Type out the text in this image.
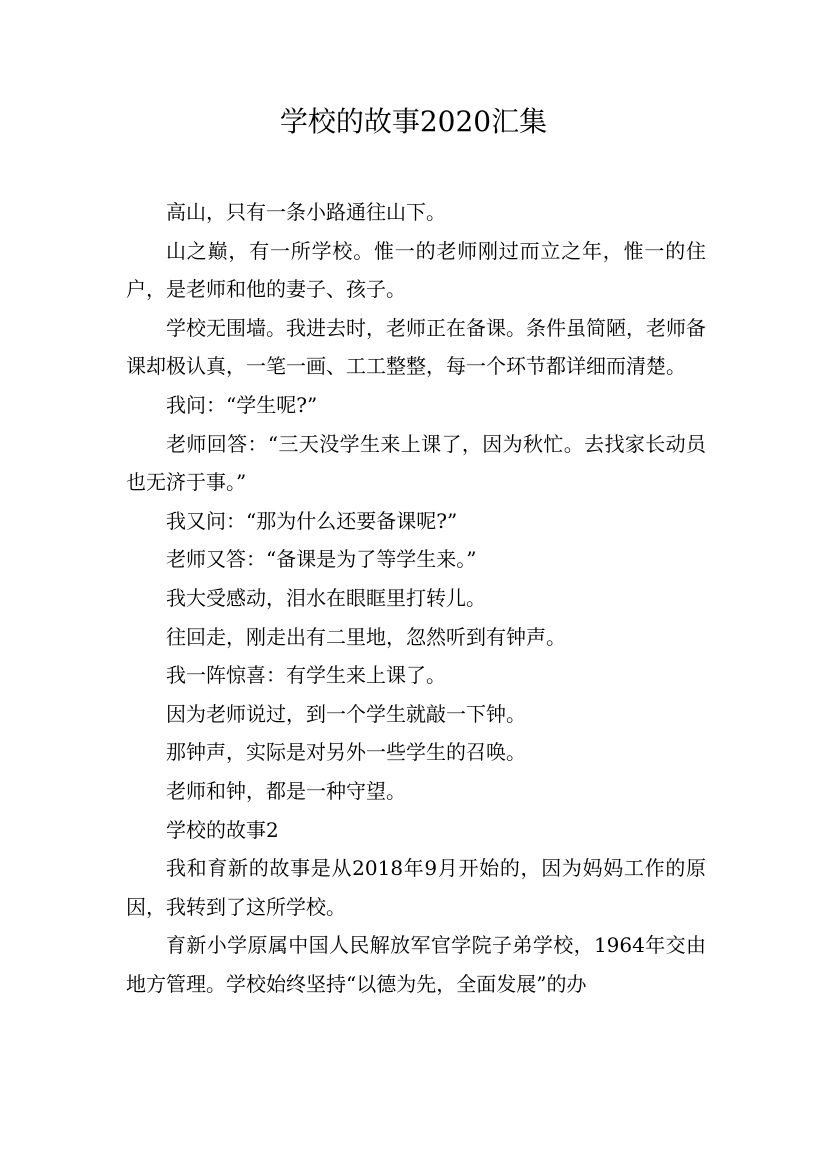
学校的故事2020汇集

高山，只有一条小路通往山下。

山之巅，有一所学校。惟一的老师刚过而立之年，惟一的住户，是老师和他的妻子、孩子。

学校无围墙。我进去时，老师正在备课。条件虽简陋，老师备课却极认真，一笔一画、工工整整，每一个环节都详细而清楚。

我问：“学生呢?”

老师回答：“三天没学生来上课了，因为秋忙。去找家长动员也无济于事。”

我又问：“那为什么还要备课呢?”

老师又答：“备课是为了等学生来。”

我大受感动，泪水在眼眶里打转儿。

往回走，刚走出有二里地，忽然听到有钟声。

我一阵惊喜：有学生来上课了。

因为老师说过，到一个学生就敲一下钟。

那钟声，实际是对另外一些学生的召唤。

老师和钟，都是一种守望。

学校的故事2

我和育新的故事是从2018年9月开始的，因为妈妈工作的原因，我转到了这所学校。

育新小学原属中国人民解放军官学院子弟学校，1964年交由地方管理。学校始终坚持“以德为先，全面发展”的办
